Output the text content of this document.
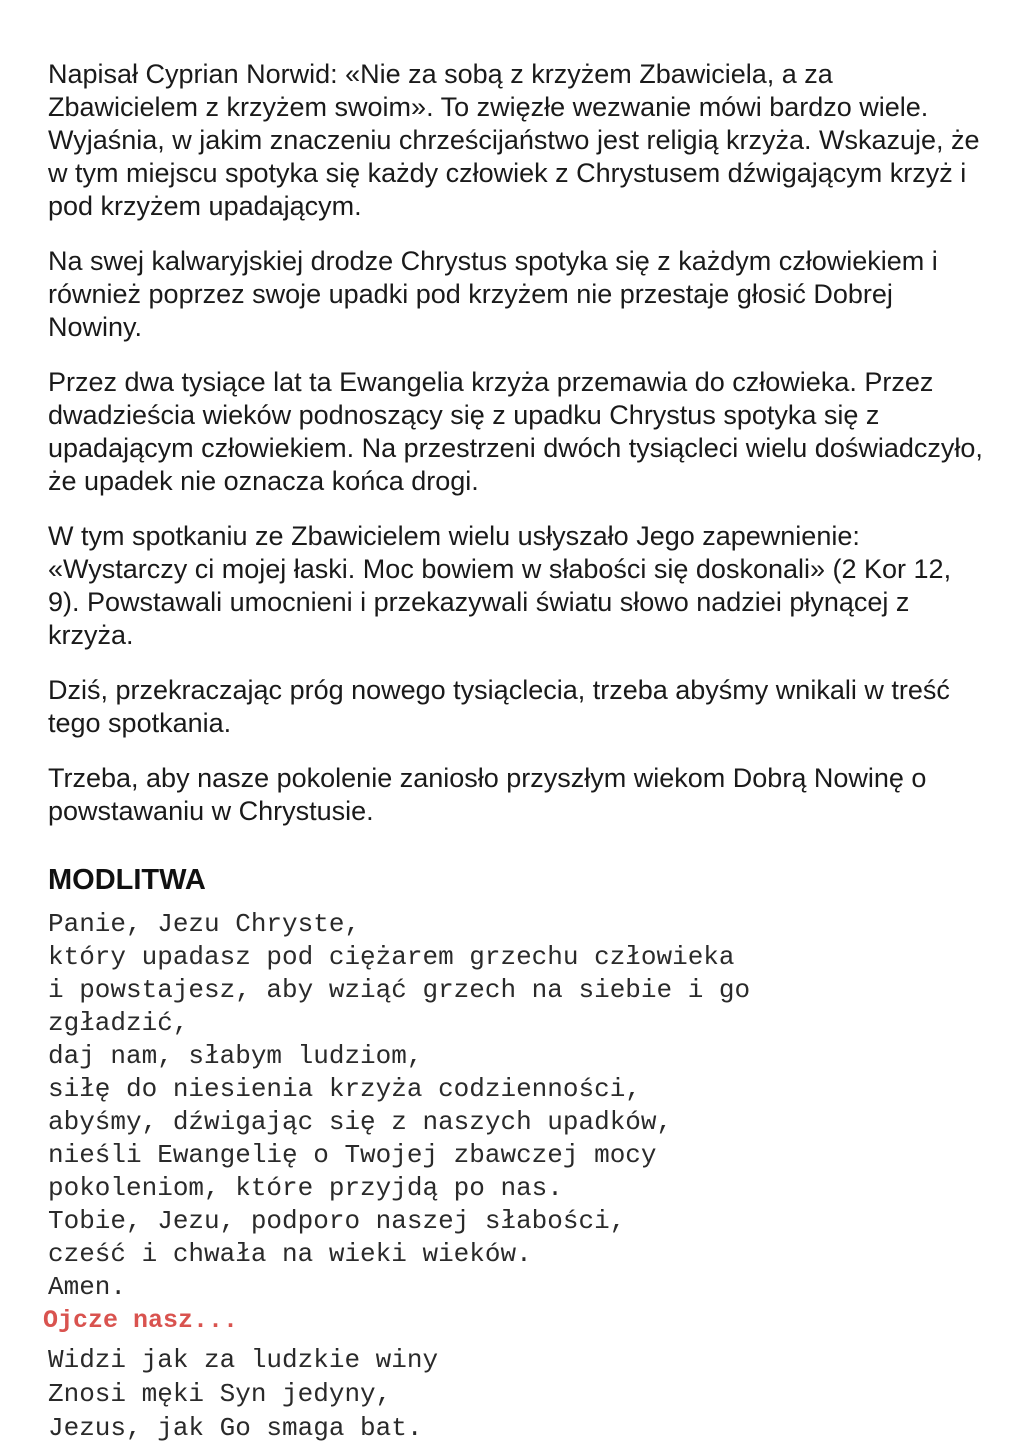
Napisał Cyprian Norwid: «Nie za sobą z krzyżem Zbawiciela, a za Zbawicielem z krzyżem swoim». To zwięzłe wezwanie mówi bardzo wiele. Wyjaśnia, w jakim znaczeniu chrześcijaństwo jest religią krzyża. Wskazuje, że w tym miejscu spotyka się każdy człowiek z Chrystusem dźwigającym krzyż i pod krzyżem upadającym.

Na swej kalwaryjskiej drodze Chrystus spotyka się z każdym człowiekiem i również poprzez swoje upadki pod krzyżem nie przestaje głosić Dobrej Nowiny.

Przez dwa tysiące lat ta Ewangelia krzyża przemawia do człowieka. Przez dwadzieścia wieków podnoszący się z upadku Chrystus spotyka się z upadającym człowiekiem. Na przestrzeni dwóch tysiącleci wielu doświadczyło, że upadek nie oznacza końca drogi.

W tym spotkaniu ze Zbawicielem wielu usłyszało Jego zapewnienie: «Wystarczy ci mojej łaski. Moc bowiem w słabości się doskonali» (2 Kor 12, 9). Powstawali umocnieni i przekazywali światu słowo nadziei płynącej z krzyża.

Dziś, przekraczając próg nowego tysiąclecia, trzeba abyśmy wnikali w treść tego spotkania.

Trzeba, aby nasze pokolenie zaniosło przyszłym wiekom Dobrą Nowinę o powstawaniu w Chrystusie.

MODLITWA
Panie, Jezu Chryste,
który upadasz pod ciężarem grzechu człowieka
i powstajesz, aby wziąć grzech na siebie i go
zgładzić,
daj nam, słabym ludziom,
siłę do niesienia krzyża codzienności,
abyśmy, dźwigając się z naszych upadków,
nieśli Ewangelię o Twojej zbawczej mocy
pokoleniom, które przyjdą po nas.
Tobie, Jezu, podporo naszej słabości,
cześć i chwała na wieki wieków.
Amen.
Ojcze nasz...
Widzi jak za ludzkie winy
Znosi męki Syn jedyny,
Jezus, jak Go smaga bat.
